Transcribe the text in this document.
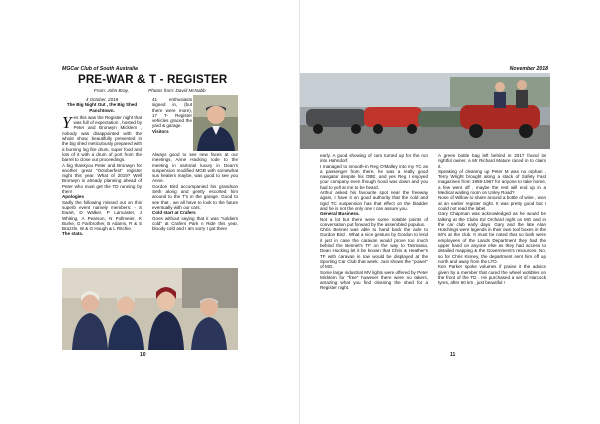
MGCar Club of South Australia
PRE-WAR & T - REGISTER
From: John Bray,	Photos from: David McNabb

4 October, 2018

The Big Night Out , the Big Shed

Panchtown.

Yes this was the Register night that was full of expectation , hosted by Peter and Bronwyn Micklem , nobody was disappointed with the whole show, beautifully presented in the big shed meticulously prepared with a burning log fire drum, super food and lots of it with a drum of port from the barrel to close out proceedings.

A big thankyou Peter and Bronwyn for another great "Octoberfest" register night this year. What of 2019? Well Bronwyn is already planning ahead of Peter who must get the TD running by then!

Apologies

Sadly the following missed out on this superb event namely members: - S Ewart, D Walker, P Lancaster, J Whiting, A Pearson, N Pollmeier, K Burke, G Fairbrother, B Adams, R & S Brazzle, W & G Hough & L Ritchie.

The stats.

41 enthusiasts signed in, (but there were more), 17 T- Register vehicles graced the yard & garage.

Visitors

Always good to see new faces at our meetings, Anne Hacking rode to the meeting in sartorial luxury in Dean's suspension modified MGB with somewhat sus heaters maybe, was good to see you Anne.

Gordon Bird accompanied his grandson Seth along and gently escorted him around to the T's in the garage. Good to see that , we all have to look to the future eventually with our cars.

Cold start at Crafers

Goes without saying that it was "soldiers cold" at Crafers Park n Ride this year, bloody cold and I am sorry I got there

10
November 2018

early. A good showing of cars turned up for the run into Hahndorf.

I managed to smooth-in Reg O'Malley into my TC as a passenger from there, he was a really good navigator despite his OBE, and yes Reg I enjoyed your company even though hood was down and you had to yell at me to be heard.

Arthur asked his favourite spot near the freeway again, I have it on good authority that the cold and rigid TC suspension has that effect on the bladder and he is not the only one I can assure you.

General Business.

Not a lot but there were some notable points of conversation put forward by the assembled populus.

Chris Bennet was able to hand back the axle to Gordon Bird . What a nice gesture by Gordon to lend it just in case the caravan would prove too much behind the Bennet's TF on the way to Tasmania. Dean Hocking let it be known that Chris & Heather's TF with caravan in tow would be displayed at the Sporting Car Club that week. Just shows the "power" of MG.

Some large industrial MV lights were offered by Peter Micklem for "free" however there were no takers, amazing what you find cleaning the shed for a Register night.

A green bottle bag left behind in 2017 found its rightful owner, a Mr Richard Mature raced in to claim it.

Speaking of cleaning up Peter M was no orphan , Terry Wright brought along a stack of Safety Fast magazines from 1959-1967 for anyone to take home, a few went off , maybe the rest will end up in a Medical waiting room on Unley Road?

Nose of Willow to share around a bottle of wine , won at an earlier register night. It was pretty good but I could not read the label.

Gary Chapman was acknowledged as he would be talking at the Clubs Ed Orchard night on MG and in the car club early days. Gary and the late Alan Hutchings were legends in their own tool boxes in the 60's at the club. It must be noted that so both were employees of the Lands Department they had the upper hand on anyone else as they had access to detailed mapping & the Government's resources. No. so for Chris Kinney, the department sent him off up north and away from the LTO.

Ken Parker spoke volumes if praise it the advice given by a member that cured the wheel wobbles on the front of the TD . He purchased a set of Harcock tyres, after 60 km , just beautiful !

11
